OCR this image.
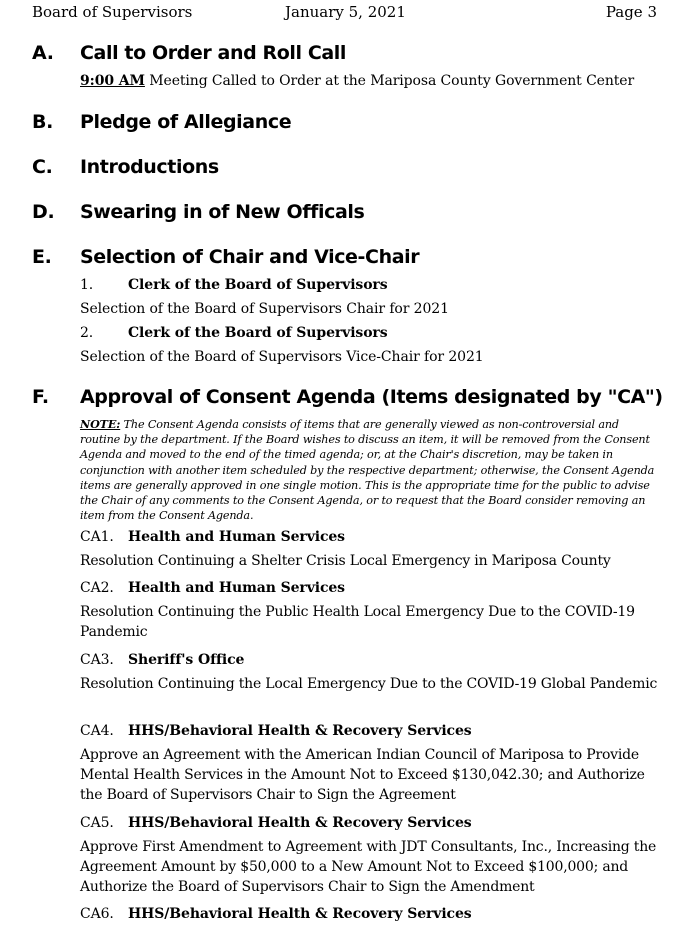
Board of Supervisors	January 5, 2021	Page 3
A. Call to Order and Roll Call
9:00 AM Meeting Called to Order at the Mariposa County Government Center
B. Pledge of Allegiance
C. Introductions
D. Swearing in of New Officals
E. Selection of Chair and Vice-Chair
1. Clerk of the Board of Supervisors
Selection of the Board of Supervisors Chair for 2021
2. Clerk of the Board of Supervisors
Selection of the Board of Supervisors Vice-Chair for 2021
F. Approval of Consent Agenda (Items designated by "CA")
NOTE: The Consent Agenda consists of items that are generally viewed as non-controversial and routine by the department. If the Board wishes to discuss an item, it will be removed from the Consent Agenda and moved to the end of the timed agenda; or, at the Chair's discretion, may be taken in conjunction with another item scheduled by the respective department; otherwise, the Consent Agenda items are generally approved in one single motion. This is the appropriate time for the public to advise the Chair of any comments to the Consent Agenda, or to request that the Board consider removing an item from the Consent Agenda.
CA1. Health and Human Services
Resolution Continuing a Shelter Crisis Local Emergency in Mariposa County
CA2. Health and Human Services
Resolution Continuing the Public Health Local Emergency Due to the COVID-19 Pandemic
CA3. Sheriff's Office
Resolution Continuing the Local Emergency Due to the COVID-19 Global Pandemic
CA4. HHS/Behavioral Health & Recovery Services
Approve an Agreement with the American Indian Council of Mariposa to Provide Mental Health Services in the Amount Not to Exceed $130,042.30; and Authorize the Board of Supervisors Chair to Sign the Agreement
CA5. HHS/Behavioral Health & Recovery Services
Approve First Amendment to Agreement with JDT Consultants, Inc., Increasing the Agreement Amount by $50,000 to a New Amount Not to Exceed $100,000; and Authorize the Board of Supervisors Chair to Sign the Amendment
CA6. HHS/Behavioral Health & Recovery Services
